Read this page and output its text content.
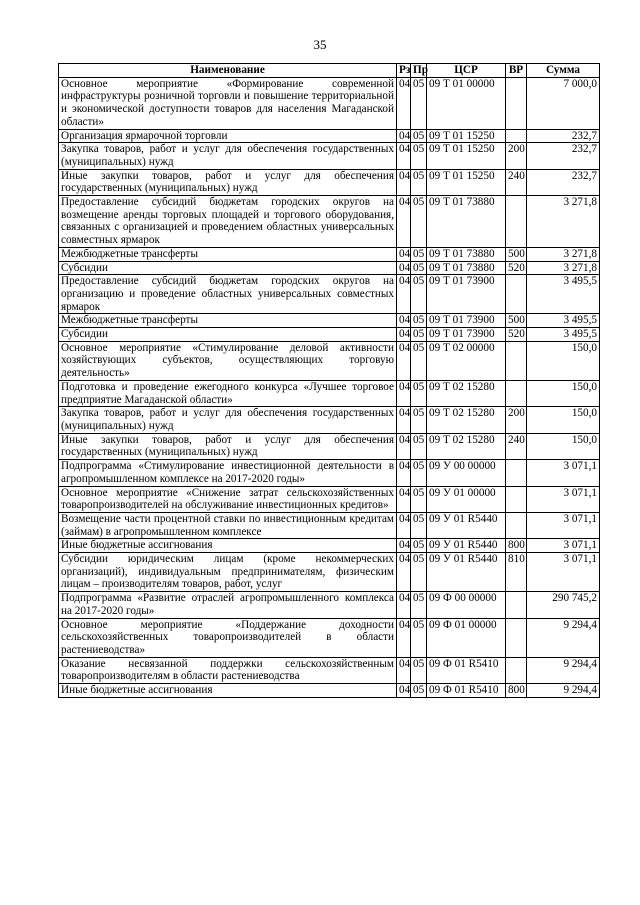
35
Наименование	Рз	Пр	ЦСР	ВР	Сумма
Основное мероприятие «Формирование современной инфраструктуры розничной торговли и повышение территориальной и экономической доступности товаров для населения Магаданской области»	04	05	09 Т 01 00000		7 000,0
Организация ярмарочной торговли	04	05	09 Т 01 15250		232,7
Закупка товаров, работ и услуг для обеспечения государственных (муниципальных) нужд	04	05	09 Т 01 15250	200	232,7
Иные закупки товаров, работ и услуг для обеспечения государственных (муниципальных) нужд	04	05	09 Т 01 15250	240	232,7
Предоставление субсидий бюджетам городских округов на возмещение аренды торговых площадей и торгового оборудования, связанных с организацией и проведением областных универсальных совместных ярмарок	04	05	09 Т 01 73880		3 271,8
Межбюджетные трансферты	04	05	09 Т 01 73880	500	3 271,8
Субсидии	04	05	09 Т 01 73880	520	3 271,8
Предоставление субсидий бюджетам городских округов на организацию и проведение областных универсальных совместных ярмарок	04	05	09 Т 01 73900		3 495,5
Межбюджетные трансферты	04	05	09 Т 01 73900	500	3 495,5
Субсидии	04	05	09 Т 01 73900	520	3 495,5
Основное мероприятие «Стимулирование деловой активности хозяйствующих субъектов, осуществляющих торговую деятельность»	04	05	09 Т 02 00000		150,0
Подготовка и проведение ежегодного конкурса «Лучшее торговое предприятие Магаданской области»	04	05	09 Т 02 15280		150,0
Закупка товаров, работ и услуг для обеспечения государственных (муниципальных) нужд	04	05	09 Т 02 15280	200	150,0
Иные закупки товаров, работ и услуг для обеспечения государственных (муниципальных) нужд	04	05	09 Т 02 15280	240	150,0
Подпрограмма «Стимулирование инвестиционной деятельности в агропромышленном комплексе на 2017-2020 годы»	04	05	09 У 00 00000		3 071,1
Основное мероприятие «Снижение затрат сельскохозяйственных товаропроизводителей на обслуживание инвестиционных кредитов»	04	05	09 У 01 00000		3 071,1
Возмещение части процентной ставки по инвестиционным кредитам (займам) в агропромышленном комплексе	04	05	09 У 01 R5440		3 071,1
Иные бюджетные ассигнования	04	05	09 У 01 R5440	800	3 071,1
Субсидии юридическим лицам (кроме некоммерческих организаций), индивидуальным предпринимателям, физическим лицам – производителям товаров, работ, услуг	04	05	09 У 01 R5440	810	3 071,1
Подпрограмма «Развитие отраслей агропромышленного комплекса на 2017-2020 годы»	04	05	09 Ф 00 00000		290 745,2
Основное мероприятие «Поддержание доходности сельскохозяйственных товаропроизводителей в области растениеводства»	04	05	09 Ф 01 00000		9 294,4
Оказание несвязанной поддержки сельскохозяйственным товаропроизводителям в области растениеводства	04	05	09 Ф 01 R5410		9 294,4
Иные бюджетные ассигнования	04	05	09 Ф 01 R5410	800	9 294,4
